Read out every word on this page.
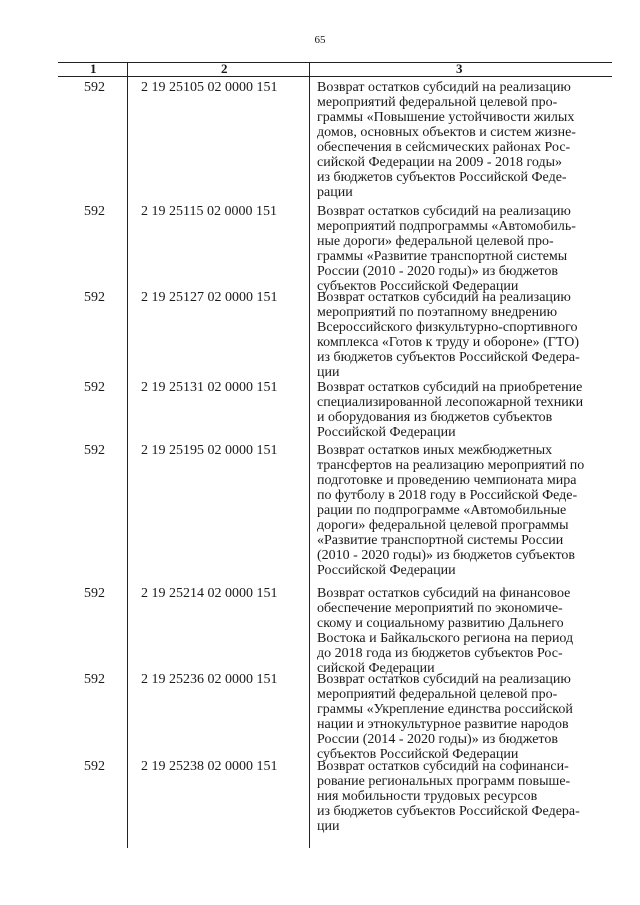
65
1	2	3
592	2 19 25105 02 0000 151	Возврат остатков субсидий на реализацию
мероприятий федеральной целевой про-
граммы «Повышение устойчивости жилых
домов, основных объектов и систем жизне-
обеспечения в сейсмических районах Рос-
сийской Федерации на 2009 - 2018 годы»
из бюджетов субъектов Российской Феде-
рации
592	2 19 25115 02 0000 151	Возврат остатков субсидий на реализацию
мероприятий подпрограммы «Автомобиль-
ные дороги» федеральной целевой про-
граммы «Развитие транспортной системы
России (2010 - 2020 годы)» из бюджетов
субъектов Российской Федерации
592	2 19 25127 02 0000 151	Возврат остатков субсидий на реализацию
мероприятий по поэтапному внедрению
Всероссийского физкультурно-спортивного
комплекса «Готов к труду и обороне» (ГТО)
из бюджетов субъектов Российской Федера-
ции
592	2 19 25131 02 0000 151	Возврат остатков субсидий на приобретение
специализированной лесопожарной техники
и оборудования из бюджетов субъектов
Российской Федерации
592	2 19 25195 02 0000 151	Возврат остатков иных межбюджетных
трансфертов на реализацию мероприятий по
подготовке и проведению чемпионата мира
по футболу в 2018 году в Российской Феде-
рации по подпрограмме «Автомобильные
дороги» федеральной целевой программы
«Развитие транспортной системы России
(2010 - 2020 годы)» из бюджетов субъектов
Российской Федерации
592	2 19 25214 02 0000 151	Возврат остатков субсидий на финансовое
обеспечение мероприятий по экономиче-
скому и социальному развитию Дальнего
Востока и Байкальского региона на период
до 2018 года из бюджетов субъектов Рос-
сийской Федерации
592	2 19 25236 02 0000 151	Возврат остатков субсидий на реализацию
мероприятий федеральной целевой про-
граммы «Укрепление единства российской
нации и этнокультурное развитие народов
России (2014 - 2020 годы)» из бюджетов
субъектов Российской Федерации
592	2 19 25238 02 0000 151	Возврат остатков субсидий на софинанси-
рование региональных программ повыше-
ния мобильности трудовых ресурсов
из бюджетов субъектов Российской Федера-
ции
